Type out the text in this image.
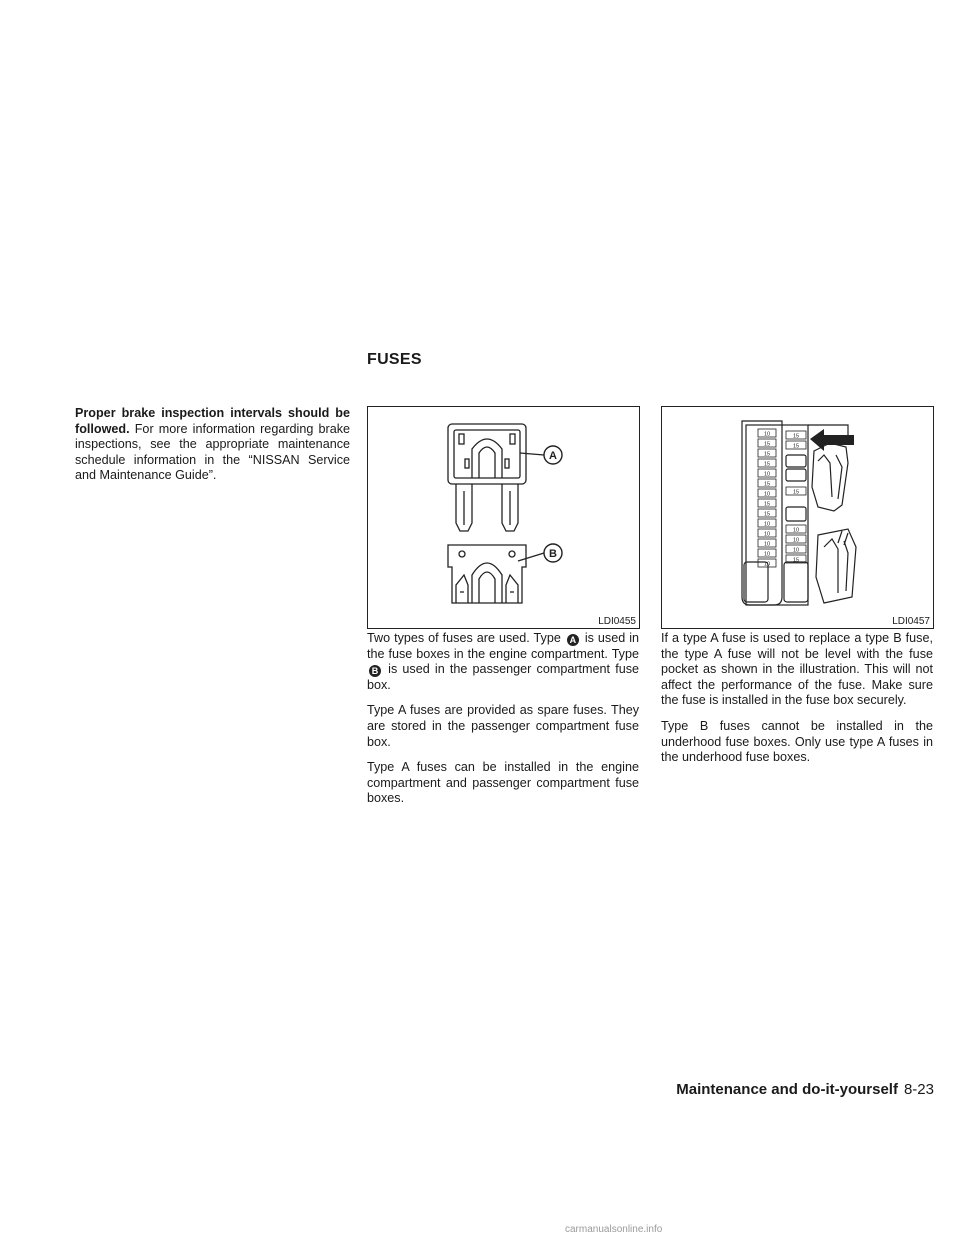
FUSES

Proper brake inspection intervals should be followed. For more information regarding brake inspections, see the appropriate maintenance schedule information in the “NISSAN Service and Maintenance Guide”.

A
B
LDI0455
10
15
15
15
10
15
10
15
15
10
10
10
10
10
15
15
15
10
10
10
15
LDI0457

Two types of fuses are used. Type A is used in the fuse boxes in the engine compartment. Type B is used in the passenger compartment fuse box.

Type A fuses are provided as spare fuses. They are stored in the passenger compartment fuse box.

Type A fuses can be installed in the engine compartment and passenger compartment fuse boxes.

If a type A fuse is used to replace a type B fuse, the type A fuse will not be level with the fuse pocket as shown in the illustration. This will not affect the performance of the fuse. Make sure the fuse is installed in the fuse box securely.

Type B fuses cannot be installed in the underhood fuse boxes. Only use type A fuses in the underhood fuse boxes.

Maintenance and do-it-yourself 8-23
carmanualsonline.info
